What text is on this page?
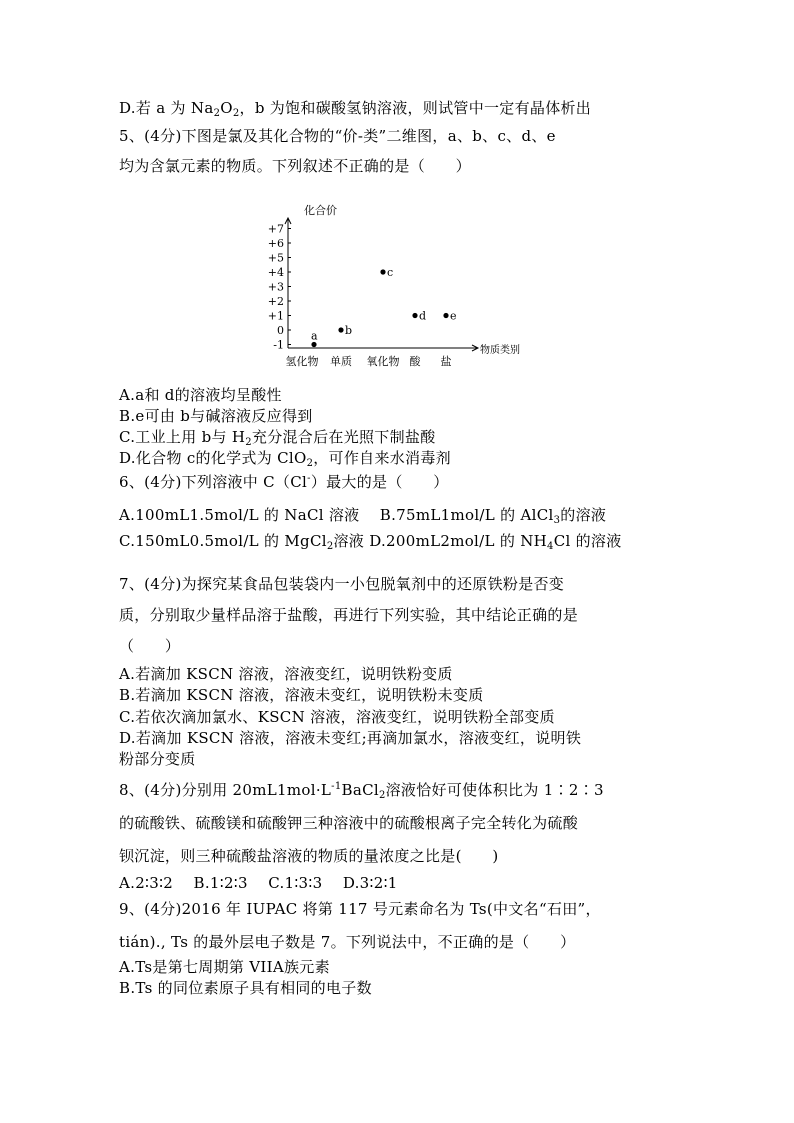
D.若 a 为 $Na_2O_2$，b 为饱和碳酸氢钠溶液，则试管中一定有晶体析出
5、(4分)下图是氯及其化合物的“价-类”二维图，a、b、c、d、e
均为含氯元素的物质。下列叙述不正确的是（　　）
化合价
物质类别
+7
+6
+5
+4
+3
+2
+1
0
-1
氢化物 单质 氧化物 酸 盐
a b
c
d e
A.a和 d的溶液均呈酸性
B.e可由 b与碱溶液反应得到
C.工业上用 b与 $H_2$充分混合后在光照下制盐酸
D.化合物 c的化学式为 ClO$_2$，可作自来水消毒剂
6、(4分)下列溶液中 C（Cl-）最大的是（　　）
A.100mL1.5mol/L 的 NaCl 溶液 B.75mL1mol/L 的 AlCl$_3$的溶液
C.150mL0.5mol/L 的 MgCl$_2$溶液 D.200mL2mol/L 的 $NH_4Cl$ 的溶液
7、(4分)为探究某食品包装袋内一小包脱氧剂中的还原铁粉是否变
质，分别取少量样品溶于盐酸，再进行下列实验，其中结论正确的是
（　　）
A.若滴加 KSCN 溶液，溶液变红，说明铁粉变质
B.若滴加 KSCN 溶液，溶液未变红，说明铁粉未变质
C.若依次滴加氯水、KSCN 溶液，溶液变红，说明铁粉全部变质
D.若滴加 KSCN 溶液，溶液未变红;再滴加氯水，溶液变红，说明铁
粉部分变质
8、(4分)分别用 $20mL1mol\cdot L^{-1}BaCl_2$溶液恰好可使体积比为 1∶2∶3
的硫酸铁、硫酸镁和硫酸钾三种溶液中的硫酸根离子完全转化为硫酸
钡沉淀，则三种硫酸盐溶液的物质的量浓度之比是(　　)
A.2∶3∶2　 B.1∶2∶3　 C.1∶3∶3　 D.3∶2∶1
9、(4分)2016 年 IUPAC 将第 117 号元素命名为 Ts(中文名“石田”，
tián)., Ts 的最外层电子数是 7。下列说法中，不正确的是（　　）
A.Ts是第七周期第 VIIA族元素
B.Ts 的同位素原子具有相同的电子数
